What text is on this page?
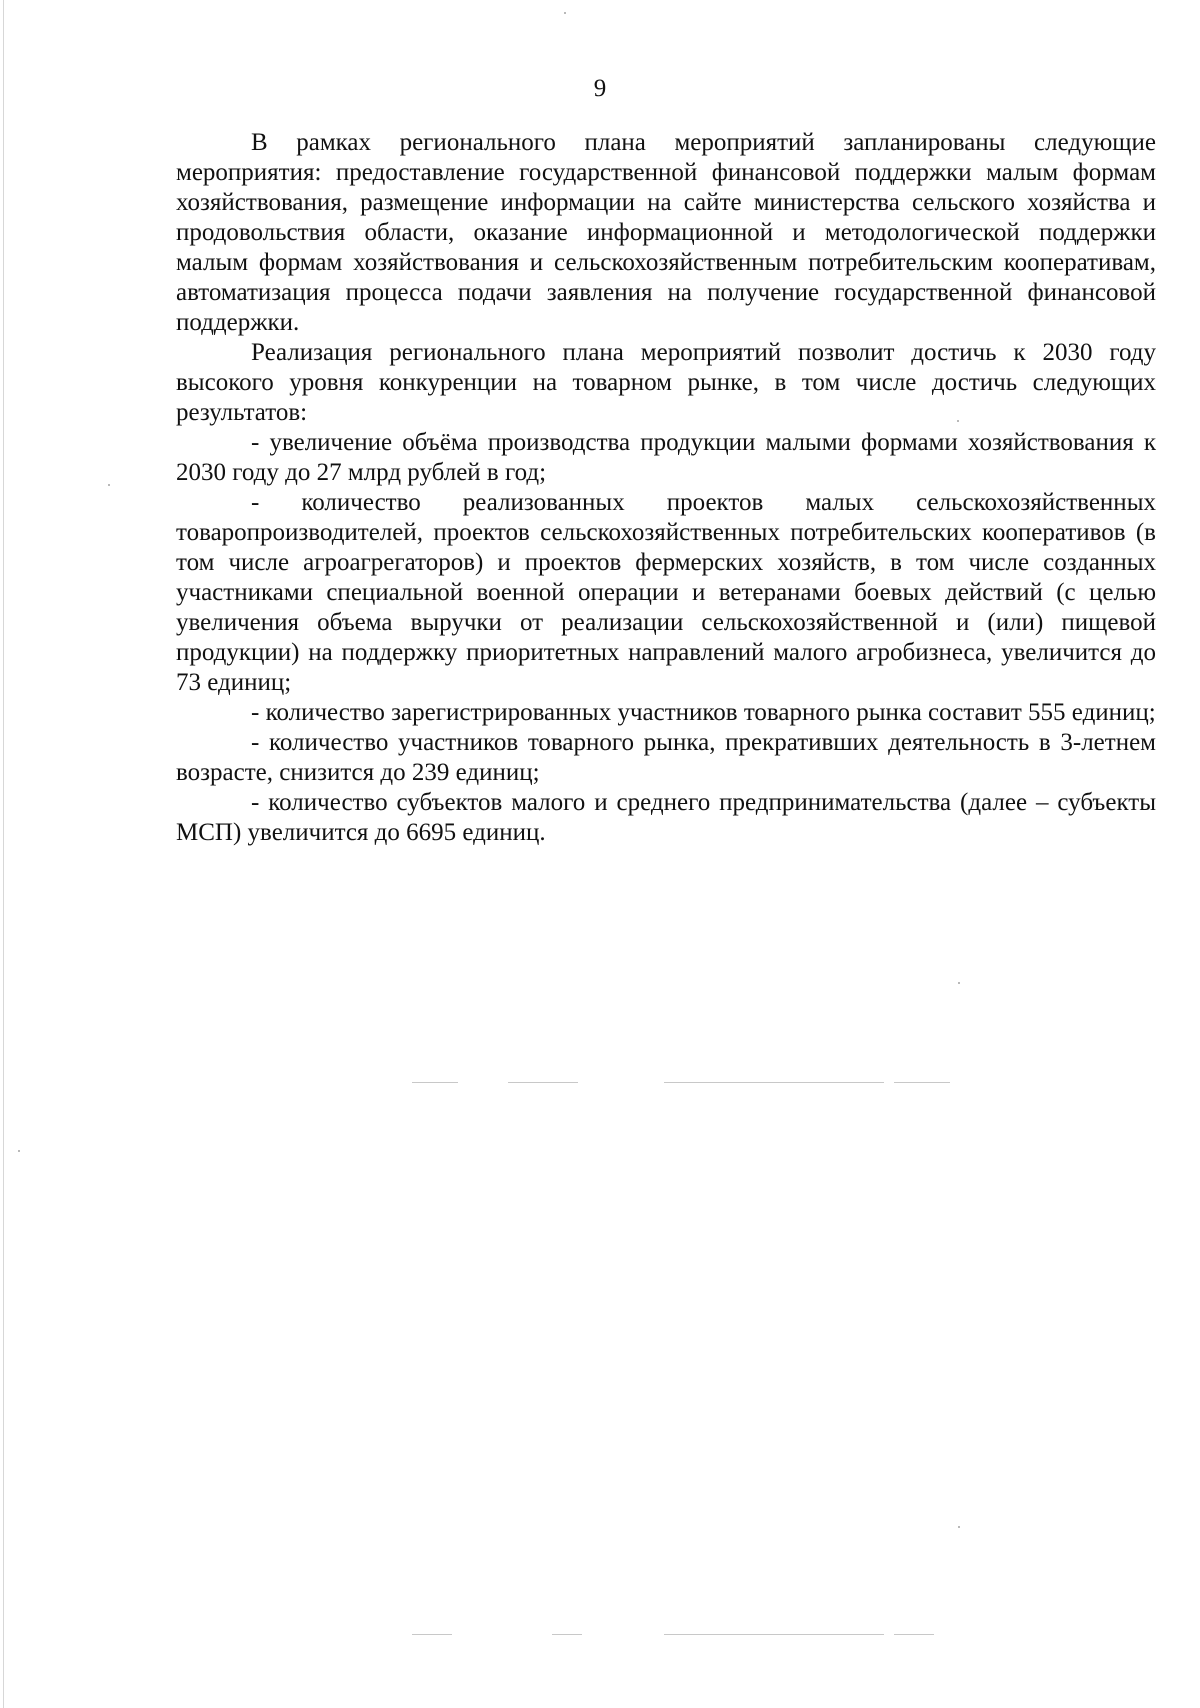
9

В рамках регионального плана мероприятий запланированы следующие мероприятия: предоставление государственной финансовой поддержки малым формам хозяйствования, размещение информации на сайте министерства сельского хозяйства и продовольствия области, оказание информационной и методологической поддержки малым формам хозяйствования и сельскохозяйственным потребительским кооперативам, автоматизация процесса подачи заявления на получение государственной финансовой поддержки.

Реализация регионального плана мероприятий позволит достичь к 2030 году высокого уровня конкуренции на товарном рынке, в том числе достичь следующих результатов:

- увеличение объёма производства продукции малыми формами хозяйствования к 2030 году до 27 млрд рублей в год;

- количество реализованных проектов малых сельскохозяйственных товаропроизводителей, проектов сельскохозяйственных потребительских кооперативов (в том числе агроагрегаторов) и проектов фермерских хозяйств, в том числе созданных участниками специальной военной операции и ветеранами боевых действий (с целью увеличения объема выручки от реализации сельскохозяйственной и (или) пищевой продукции) на поддержку приоритетных направлений малого агробизнеса, увеличится до 73 единиц;

- количество зарегистрированных участников товарного рынка составит 555 единиц;

- количество участников товарного рынка, прекративших деятельность в 3-летнем возрасте, снизится до 239 единиц;

- количество субъектов малого и среднего предпринимательства (далее – субъекты МСП) увеличится до 6695 единиц.
